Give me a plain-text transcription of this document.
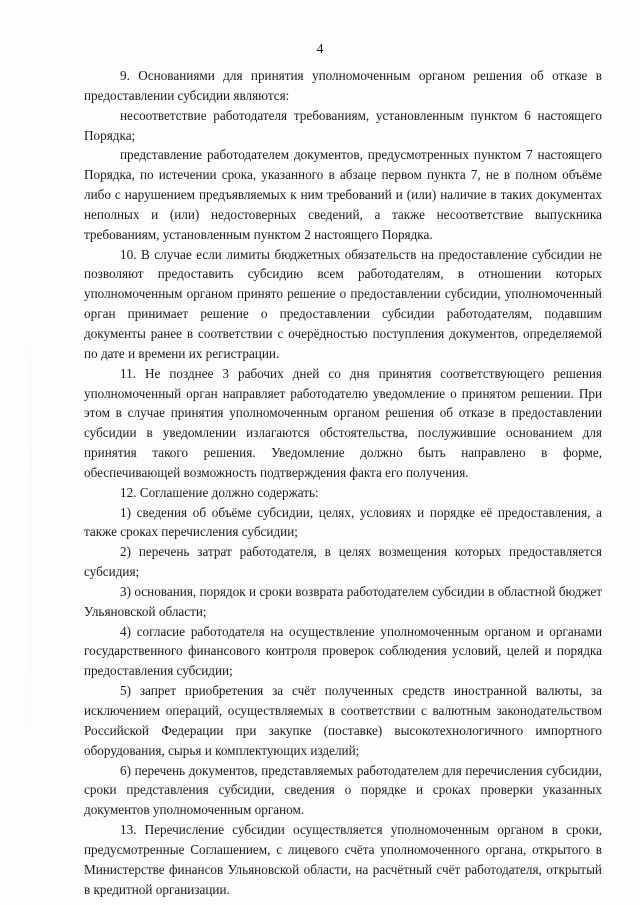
4

9. Основаниями для принятия уполномоченным органом решения об отказе в предоставлении субсидии являются:

несоответствие работодателя требованиям, установленным пунктом 6 настоящего Порядка;

представление работодателем документов, предусмотренных пунктом 7 настоящего Порядка, по истечении срока, указанного в абзаце первом пункта 7, не в полном объёме либо с нарушением предъявляемых к ним требований и (или) наличие в таких документах неполных и (или) недостоверных сведений, а также несоответствие выпускника требованиям, установленным пунктом 2 настоящего Порядка.

10. В случае если лимиты бюджетных обязательств на предоставление субсидии не позволяют предоставить субсидию всем работодателям, в отношении которых уполномоченным органом принято решение о предоставлении субсидии, уполномоченный орган принимает решение о предоставлении субсидии работодателям, подавшим документы ранее в соответствии с очерёдностью поступления документов, определяемой по дате и времени их регистрации.

11. Не позднее 3 рабочих дней со дня принятия соответствующего решения уполномоченный орган направляет работодателю уведомление о принятом решении. При этом в случае принятия уполномоченным органом решения об отказе в предоставлении субсидии в уведомлении излагаются обстоятельства, послужившие основанием для принятия такого решения. Уведомление должно быть направлено в форме, обеспечивающей возможность подтверждения факта его получения.

12. Соглашение должно содержать:

1) сведения об объёме субсидии, целях, условиях и порядке её предоставления, а также сроках перечисления субсидии;

2) перечень затрат работодателя, в целях возмещения которых предоставляется субсидия;

3) основания, порядок и сроки возврата работодателем субсидии в областной бюджет Ульяновской области;

4) согласие работодателя на осуществление уполномоченным органом и органами государственного финансового контроля проверок соблюдения условий, целей и порядка предоставления субсидии;

5) запрет приобретения за счёт полученных средств иностранной валюты, за исключением операций, осуществляемых в соответствии с валютным законодательством Российской Федерации при закупке (поставке) высокотехнологичного импортного оборудования, сырья и комплектующих изделий;

6) перечень документов, представляемых работодателем для перечисления субсидии, сроки представления субсидии, сведения о порядке и сроках проверки указанных документов уполномоченным органом.

13. Перечисление субсидии осуществляется уполномоченным органом в сроки, предусмотренные Соглашением, с лицевого счёта уполномоченного органа, открытого в Министерстве финансов Ульяновской области, на расчётный счёт работодателя, открытый в кредитной организации.
